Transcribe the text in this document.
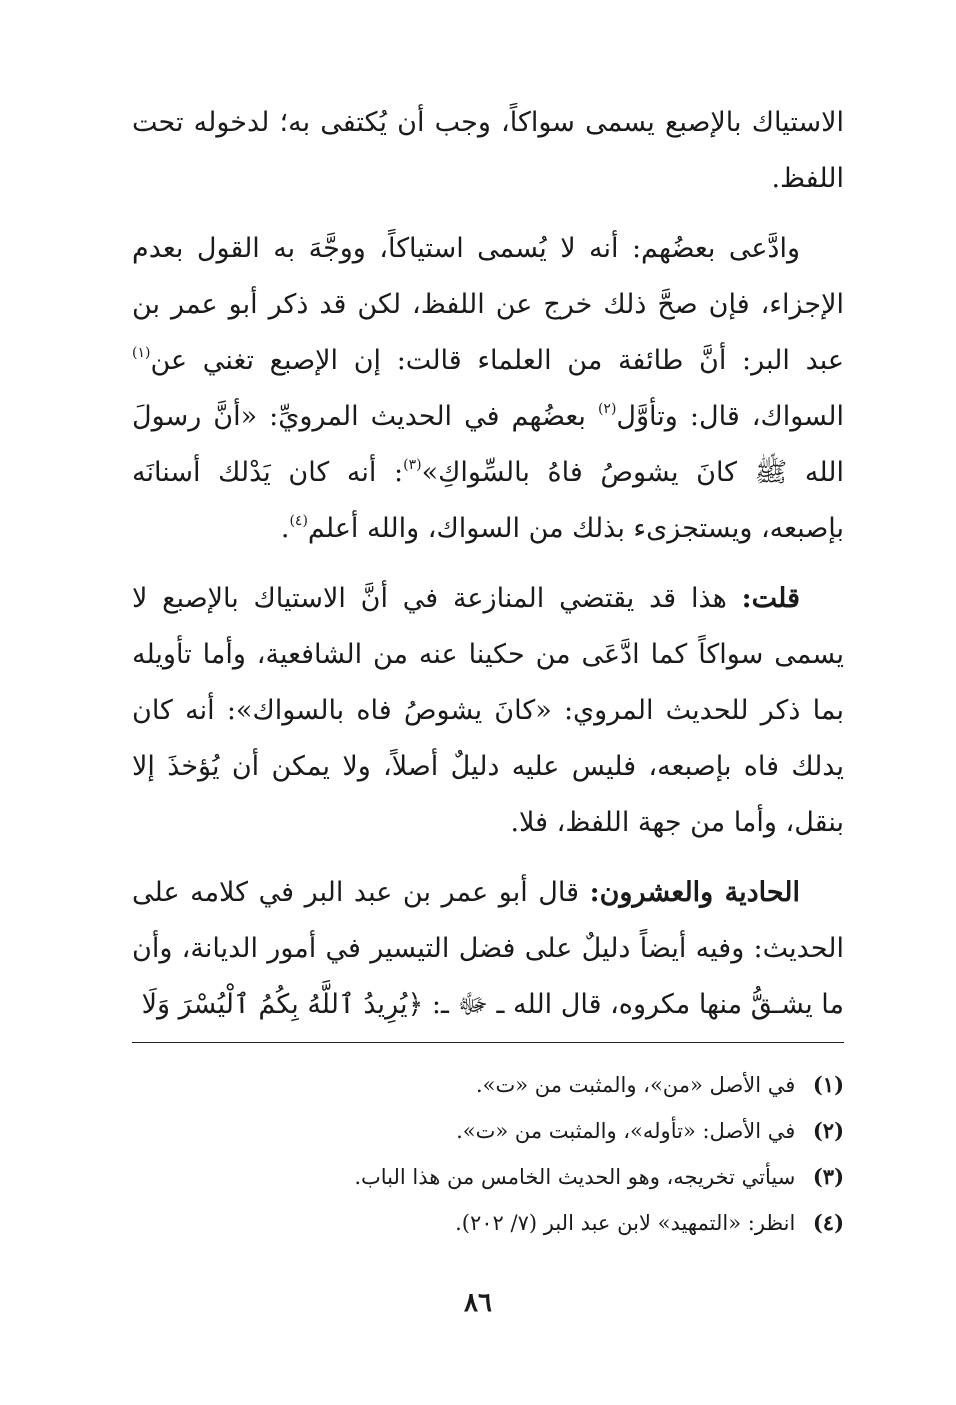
الاستياك بالإصبع يسمى سواكاً، وجب أن يُكتفى به؛ لدخوله تحت اللفظ.

وادَّعى بعضُهم: أنه لا يُسمى استياكاً، ووجَّهَ به القول بعدم الإجزاء، فإن صحَّ ذلك خرج عن اللفظ، لكن قد ذكر أبو عمر بن عبد البر: أنَّ طائفة من العلماء قالت: إن الإصبع تغني عن$^{(١)}$ السواك، قال: وتأوَّل$^{(٢)}$ بعضُهم في الحديث المرويِّ: «أنَّ رسولَ الله ﷺ كانَ يشوصُ فاهُ بالسِّواكِ»$^{(٣)}$: أنه كان يَدْلك أسنانَه بإصبعه، ويستجزىء بذلك من السواك، والله أعلم$^{(٤)}$.

قلت: هذا قد يقتضي المنازعة في أنَّ الاستياك بالإصبع لا يسمى سواكاً كما ادَّعَى من حكينا عنه من الشافعية، وأما تأويله بما ذكر للحديث المروي: «كانَ يشوصُ فاه بالسواك»: أنه كان يدلك فاه بإصبعه، فليس عليه دليلٌ أصلاً، ولا يمكن أن يُؤخذَ إلا بنقل، وأما من جهة اللفظ، فلا.

الحادية والعشرون: قال أبو عمر بن عبد البر في كلامه على الحديث: وفيه أيضاً دليلٌ على فضل التيسير في أمور الديانة، وأن ما يشـقُّ منها مكروه، قال الله ـ ﷻ ـ: ﴿يُرِيدُ ٱللَّهُ بِكُمُ ٱلْيُسْرَ وَلَا

(١) في الأصل «من»، والمثبت من «ت».

(٢) في الأصل: «تأوله»، والمثبت من «ت».

(٣) سيأتي تخريجه، وهو الحديث الخامس من هذا الباب.

(٤) انظر: «التمهيد» لابن عبد البر (٧/ ٢٠٢).

٨٦
